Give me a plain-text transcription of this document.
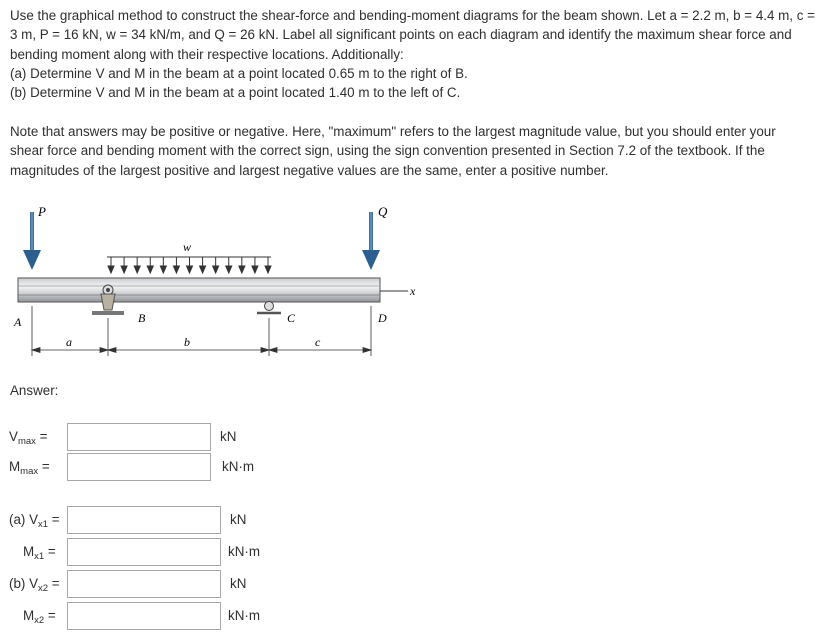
Use the graphical method to construct the shear-force and bending-moment diagrams for the beam shown. Let a = 2.2 m, b = 4.4 m, c =

3 m, P = 16 kN, w = 34 kN/m, and Q = 26 kN. Label all significant points on each diagram and identify the maximum shear force and

bending moment along with their respective locations. Additionally:

(a) Determine V and M in the beam at a point located 0.65 m to the right of B.

(b) Determine V and M in the beam at a point located 1.40 m to the left of C.

Note that answers may be positive or negative. Here, "maximum" refers to the largest magnitude value, but you should enter your

shear force and bending moment with the correct sign, using the sign convention presented in Section 7.2 of the textbook. If the

magnitudes of the largest positive and largest negative values are the same, enter a positive number.

P	Q
w
x
B	C
A	D
a	b	c
Answer:
$V_{max}$ =	kN
$M_{max}$ =	kN·m
(a) $V_{x1}$ =	kN
$M_{x1}$ =	kN·m
(b) $V_{x2}$ =	kN
$M_{x2}$ =	kN·m
